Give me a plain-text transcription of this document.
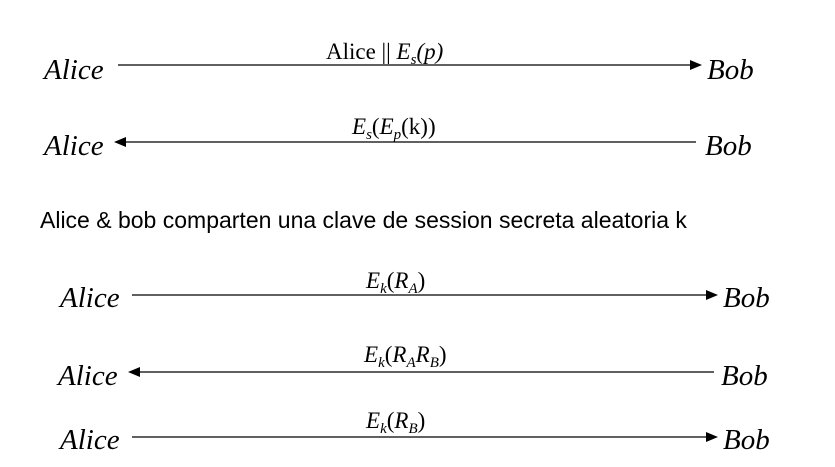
Alice	Bob
Alice || $E_s(p)$
Alice	Bob
$E_s(E_p(k))$
Alice & bob comparten una clave de session secreta aleatoria k
Alice	Bob
$E_k(R_A)$
Alice	Bob
$E_k(R_AR_B)$
Alice	Bob
$E_k(R_B)$
